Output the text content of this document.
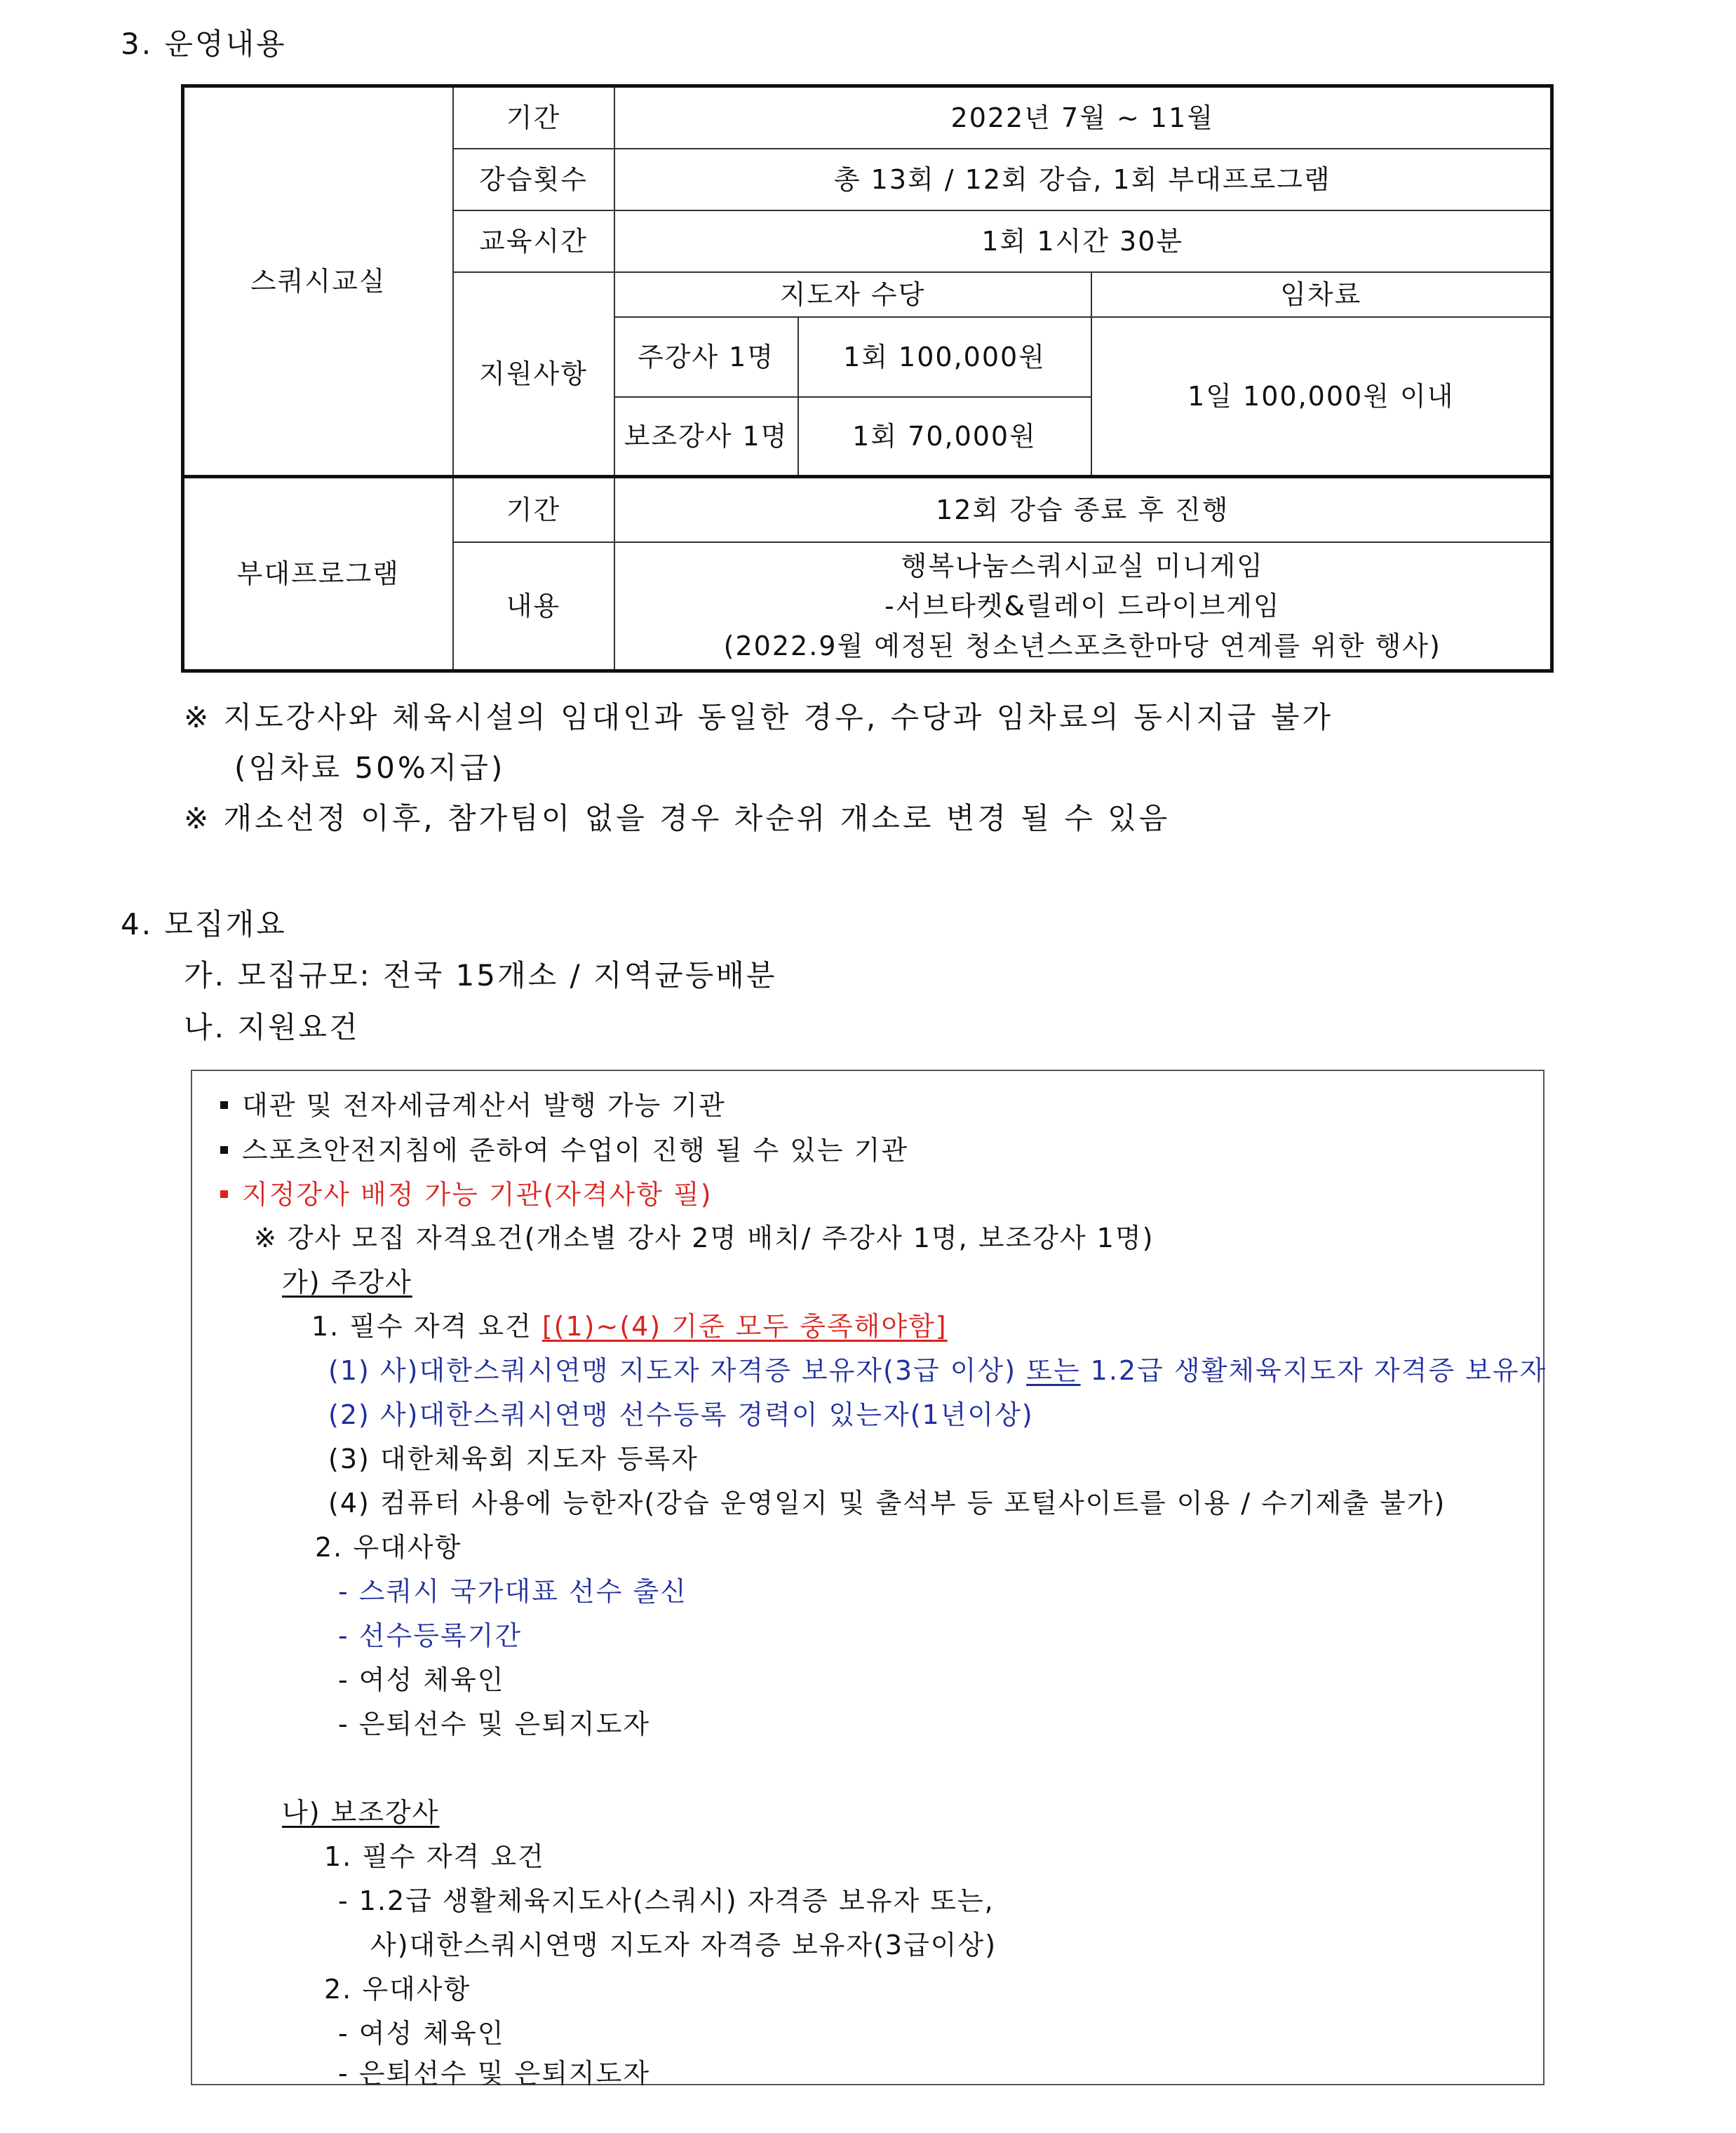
3. 운영내용
스쿼시교실	기간	2022년 7월 ~ 11월		
	강습횟수	총 13회 / 12회 강습, 1회 부대프로그램		
	교육시간	1회 1시간 30분		
	지원사항	지도자 수당		임차료
		주강사 1명	1회 100,000원	1일 100,000원 이내
		보조강사 1명	1회 70,000원	
부대프로그램	기간	12회 강습 종료 후 진행		
	내용	행복나눔스쿼시교실 미니게임
-서브타켓&릴레이 드라이브게임
(2022.9월 예정된 청소년스포츠한마당 연계를 위한 행사)		
※ 지도강사와 체육시설의 임대인과 동일한 경우, 수당과 임차료의 동시지급 불가
(임차료 50%지급)
※ 개소선정 이후, 참가팀이 없을 경우 차순위 개소로 변경 될 수 있음
4. 모집개요
가. 모집규모: 전국 15개소 / 지역균등배분
나. 지원요건
대관 및 전자세금계산서 발행 가능 기관
스포츠안전지침에 준하여 수업이 진행 될 수 있는 기관
지정강사 배정 가능 기관(자격사항 필)
※ 강사 모집 자격요건(개소별 강사 2명 배치/ 주강사 1명, 보조강사 1명)
가) 주강사
1. 필수 자격 요건 [(1)~(4) 기준 모두 충족해야함]
(1) 사)대한스쿼시연맹 지도자 자격증 보유자(3급 이상) 또는 1.2급 생활체육지도자 자격증 보유자
(2) 사)대한스쿼시연맹 선수등록 경력이 있는자(1년이상)
(3) 대한체육회 지도자 등록자
(4) 컴퓨터 사용에 능한자(강습 운영일지 및 출석부 등 포털사이트를 이용 / 수기제출 불가)
2. 우대사항
- 스쿼시 국가대표 선수 출신
- 선수등록기간
- 여성 체육인
- 은퇴선수 및 은퇴지도자
나) 보조강사
1. 필수 자격 요건
- 1.2급 생활체육지도사(스쿼시) 자격증 보유자 또는,
사)대한스쿼시연맹 지도자 자격증 보유자(3급이상)
2. 우대사항
- 여성 체육인
- 은퇴선수 및 은퇴지도자
